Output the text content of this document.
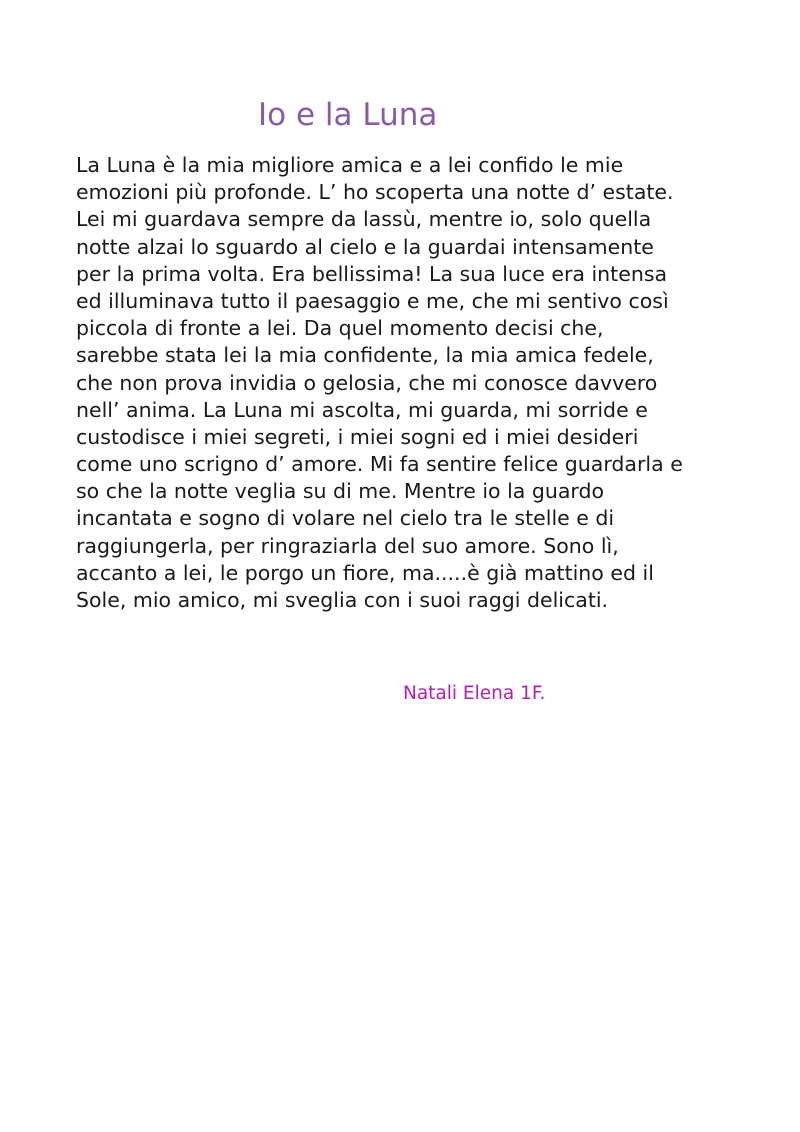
Io e la Luna
La Luna è la mia migliore amica e a lei confido le mie
emozioni più profonde. L’ ho scoperta una notte d’ estate.
Lei mi guardava sempre da lassù, mentre io, solo quella
notte alzai lo sguardo al cielo e la guardai intensamente
per la prima volta. Era bellissima! La sua luce era intensa
ed illuminava tutto il paesaggio e me, che mi sentivo così
piccola di fronte a lei. Da quel momento decisi che,
sarebbe stata lei la mia confidente, la mia amica fedele,
che non prova invidia o gelosia, che mi conosce davvero
nell’ anima. La Luna mi ascolta, mi guarda, mi sorride e
custodisce i miei segreti, i miei sogni ed i miei desideri
come uno scrigno d’ amore. Mi fa sentire felice guardarla e
so che la notte veglia su di me. Mentre io la guardo
incantata e sogno di volare nel cielo tra le stelle e di
raggiungerla, per ringraziarla del suo amore. Sono lì,
accanto a lei, le porgo un fiore, ma.....è già mattino ed il
Sole, mio amico, mi sveglia con i suoi raggi delicati.

Natali Elena 1F.
